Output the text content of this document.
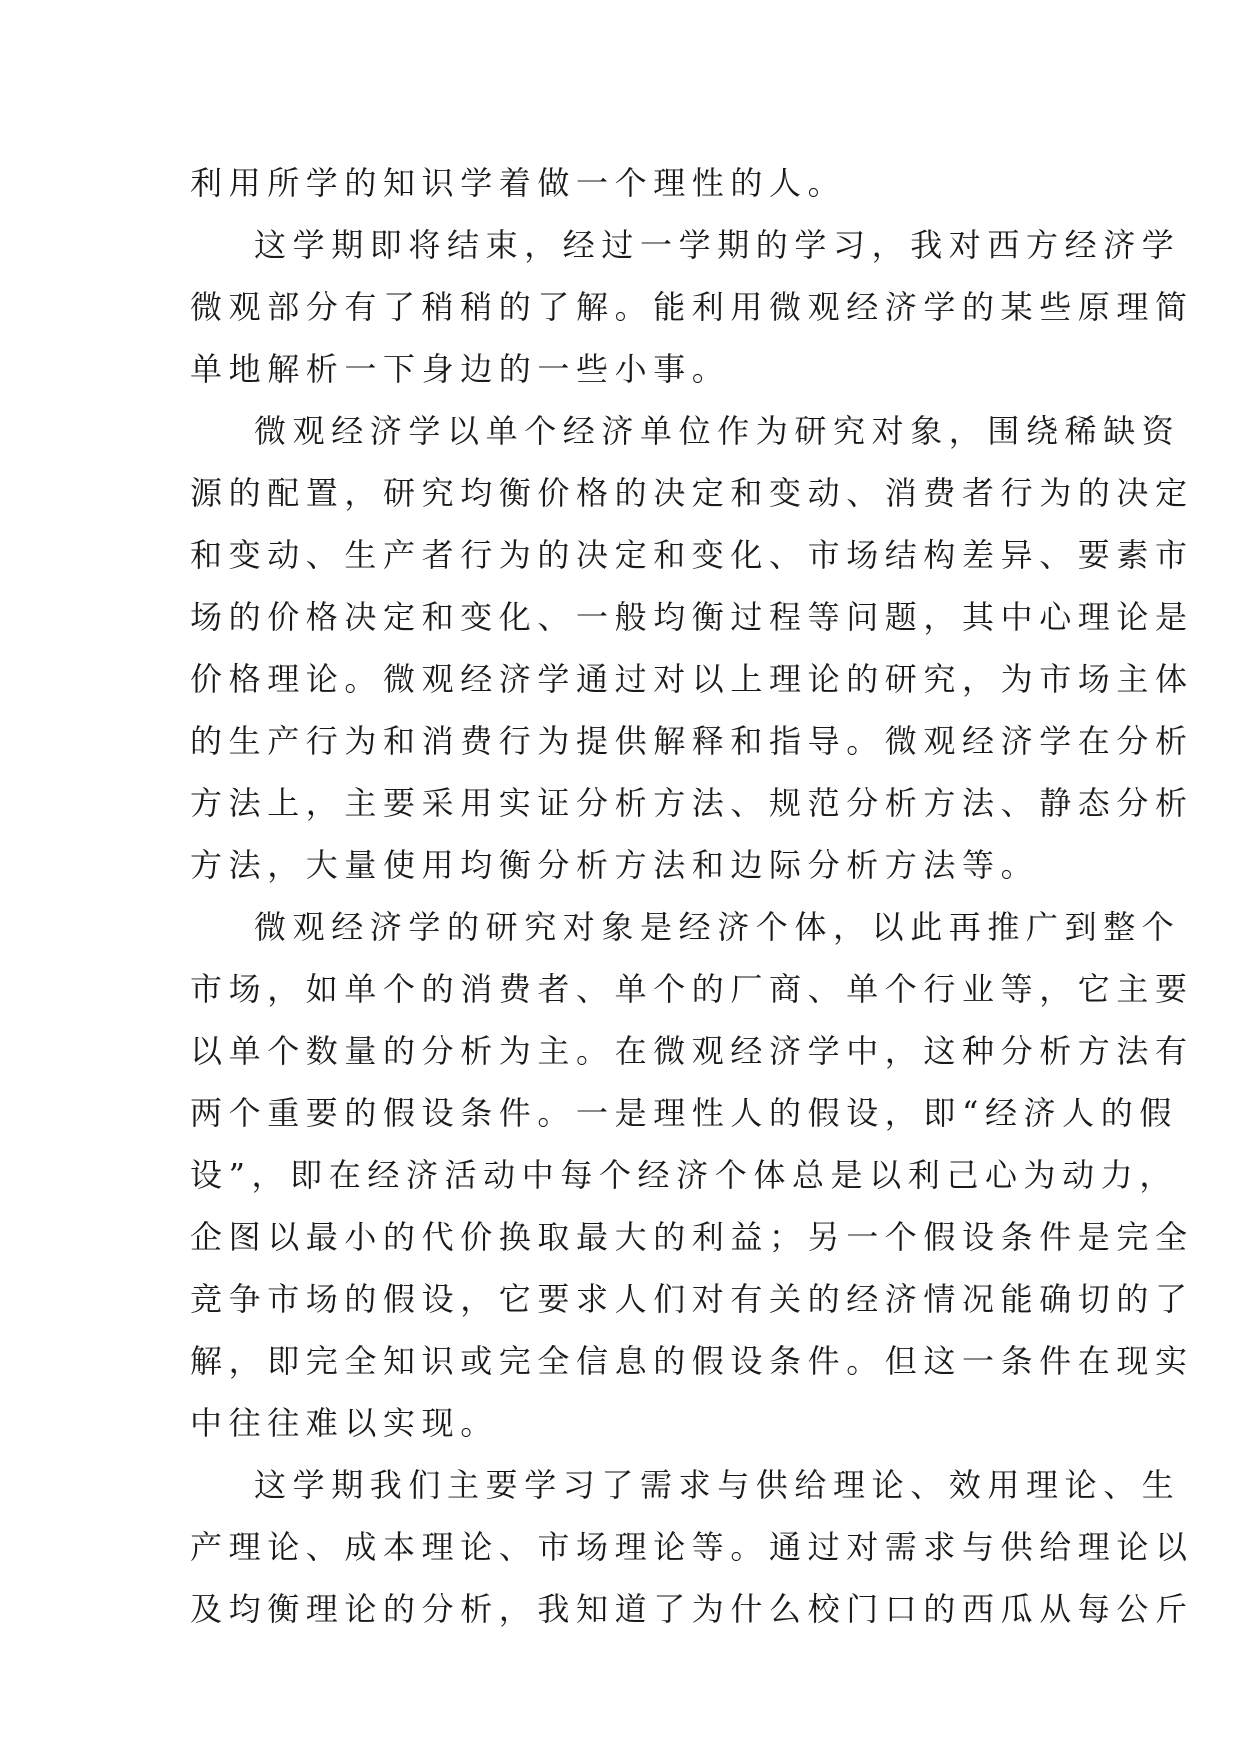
利用所学的知识学着做一个理性的人。
这学期即将结束，经过一学期的学习，我对西方经济学
微观部分有了稍稍的了解。能利用微观经济学的某些原理简
单地解析一下身边的一些小事。
微观经济学以单个经济单位作为研究对象，围绕稀缺资
源的配置，研究均衡价格的决定和变动、消费者行为的决定
和变动、生产者行为的决定和变化、市场结构差异、要素市
场的价格决定和变化、一般均衡过程等问题，其中心理论是
价格理论。微观经济学通过对以上理论的研究，为市场主体
的生产行为和消费行为提供解释和指导。微观经济学在分析
方法上，主要采用实证分析方法、规范分析方法、静态分析
方法，大量使用均衡分析方法和边际分析方法等。
微观经济学的研究对象是经济个体，以此再推广到整个
市场，如单个的消费者、单个的厂商、单个行业等，它主要
以单个数量的分析为主。在微观经济学中，这种分析方法有
两个重要的假设条件。一是理性人的假设，即“经济人的假
设”，即在经济活动中每个经济个体总是以利己心为动力，
企图以最小的代价换取最大的利益；另一个假设条件是完全
竞争市场的假设，它要求人们对有关的经济情况能确切的了
解，即完全知识或完全信息的假设条件。但这一条件在现实
中往往难以实现。
这学期我们主要学习了需求与供给理论、效用理论、生
产理论、成本理论、市场理论等。通过对需求与供给理论以
及均衡理论的分析，我知道了为什么校门口的西瓜从每公斤
